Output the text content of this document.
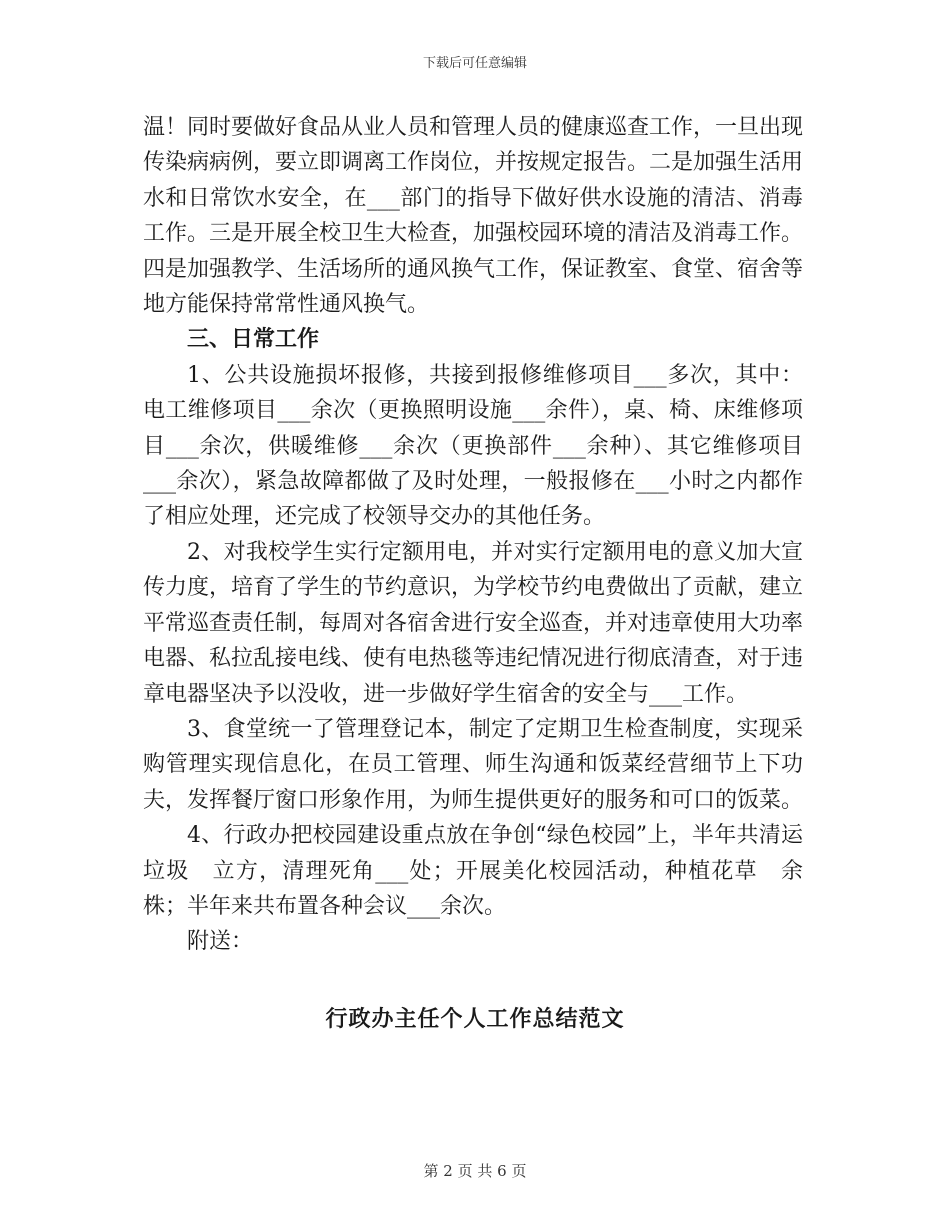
下载后可任意编辑

温！同时要做好食品从业人员和管理人员的健康巡查工作，一旦出现传染病病例，要立即调离工作岗位，并按规定报告。二是加强生活用水和日常饮水安全，在___部门的指导下做好供水设施的清洁、消毒工作。三是开展全校卫生大检查，加强校园环境的清洁及消毒工作。四是加强教学、生活场所的通风换气工作，保证教室、食堂、宿舍等地方能保持常常性通风换气。

三、日常工作

1、公共设施损坏报修，共接到报修维修项目___多次，其中：电工维修项目___余次（更换照明设施___余件），桌、椅、床维修项目___余次，供暖维修___余次（更换部件___余种）、其它维修项目___余次），紧急故障都做了及时处理，一般报修在___小时之内都作了相应处理，还完成了校领导交办的其他任务。

2、对我校学生实行定额用电，并对实行定额用电的意义加大宣传力度，培育了学生的节约意识，为学校节约电费做出了贡献，建立平常巡查责任制，每周对各宿舍进行安全巡查，并对违章使用大功率电器、私拉乱接电线、使有电热毯等违纪情况进行彻底清查，对于违章电器坚决予以没收，进一步做好学生宿舍的安全与___工作。

3、食堂统一了管理登记本，制定了定期卫生检查制度，实现采购管理实现信息化，在员工管理、师生沟通和饭菜经营细节上下功夫，发挥餐厅窗口形象作用，为师生提供更好的服务和可口的饭菜。

4、行政办把校园建设重点放在争创“绿色校园”上，半年共清运垃圾　立方，清理死角___处；开展美化校园活动，种植花草　余株；半年来共布置各种会议___余次。

附送：

行政办主任个人工作总结范文
第 2 页 共 6 页
